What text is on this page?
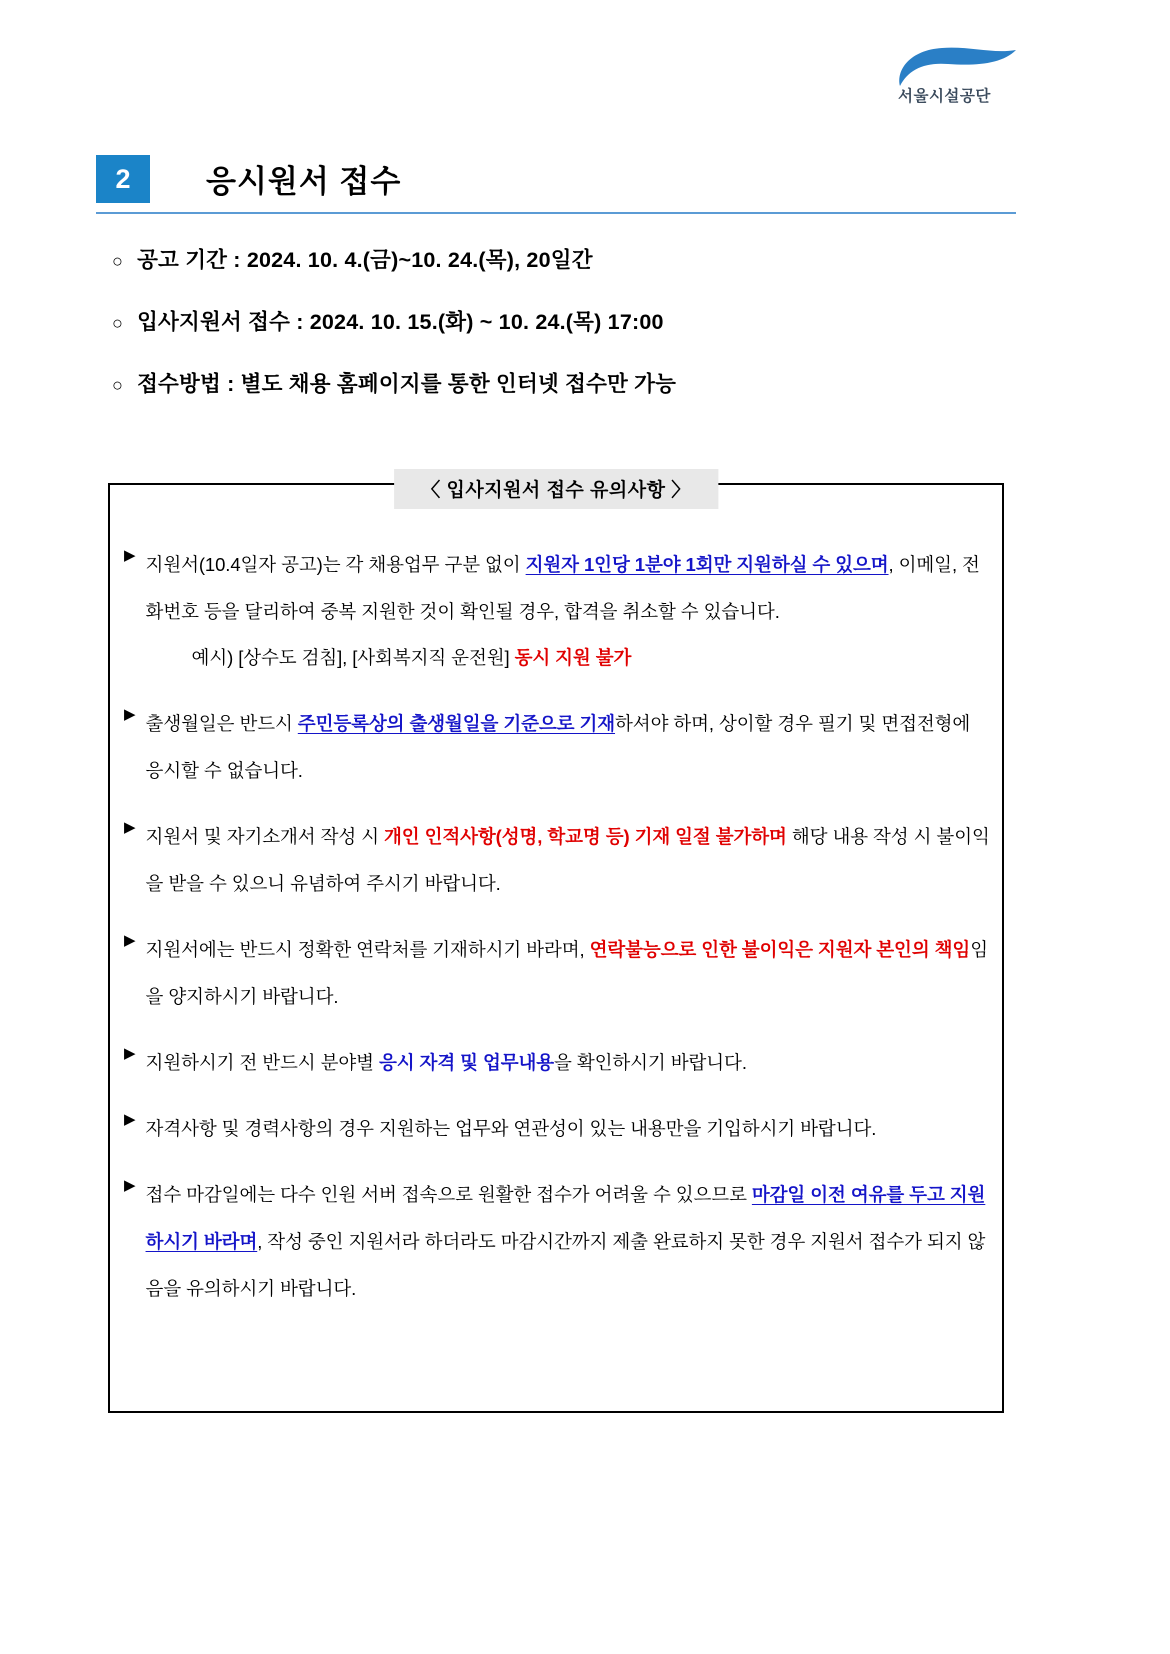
서울시설공단
2	응시원서 접수
○ 공고 기간 : 2024. 10. 4.(금)~10. 24.(목), 20일간
○ 입사지원서 접수 : 2024. 10. 15.(화) ~ 10. 24.(목) 17:00
○ 접수방법 : 별도 채용 홈페이지를 통한 인터넷 접수만 가능
〈 입사지원서 접수 유의사항 〉
▶ 지원서(10.4일자 공고)는 각 채용업무 구분 없이 지원자 1인당 1분야 1회만 지원하실 수 있으며, 이메일, 전화번호 등을 달리하여 중복 지원한 것이 확인될 경우, 합격을 취소할 수 있습니다.
예시) [상수도 검침], [사회복지직 운전원] 동시 지원 불가
▶ 출생월일은 반드시 주민등록상의 출생월일을 기준으로 기재하셔야 하며, 상이할 경우 필기 및 면접전형에 응시할 수 없습니다.
▶ 지원서 및 자기소개서 작성 시 개인 인적사항(성명, 학교명 등) 기재 일절 불가하며 해당 내용 작성 시 불이익을 받을 수 있으니 유념하여 주시기 바랍니다.
▶ 지원서에는 반드시 정확한 연락처를 기재하시기 바라며, 연락불능으로 인한 불이익은 지원자 본인의 책임임을 양지하시기 바랍니다.
▶ 지원하시기 전 반드시 분야별 응시 자격 및 업무내용을 확인하시기 바랍니다.
▶ 자격사항 및 경력사항의 경우 지원하는 업무와 연관성이 있는 내용만을 기입하시기 바랍니다.
▶ 접수 마감일에는 다수 인원 서버 접속으로 원활한 접수가 어려울 수 있으므로 마감일 이전 여유를 두고 지원하시기 바라며, 작성 중인 지원서라 하더라도 마감시간까지 제출 완료하지 못한 경우 지원서 접수가 되지 않음을 유의하시기 바랍니다.
